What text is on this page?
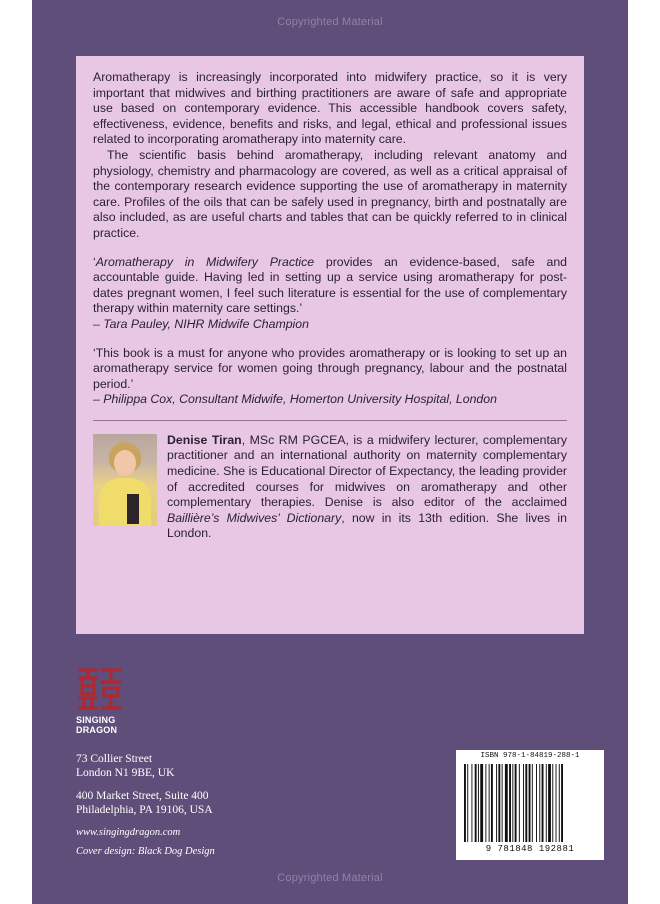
Copyrighted Material

Aromatherapy is increasingly incorporated into midwifery practice, so it is very important that midwives and birthing practitioners are aware of safe and appropriate use based on contemporary evidence. This accessible handbook covers safety, effectiveness, evidence, benefits and risks, and legal, ethical and professional issues related to incorporating aromatherapy into maternity care.

The scientific basis behind aromatherapy, including relevant anatomy and physiology, chemistry and pharmacology are covered, as well as a critical appraisal of the contemporary research evidence supporting the use of aromatherapy in maternity care. Profiles of the oils that can be safely used in pregnancy, birth and postnatally are also included, as are useful charts and tables that can be quickly referred to in clinical practice.

‘Aromatherapy in Midwifery Practice provides an evidence-based, safe and accountable guide. Having led in setting up a service using aromatherapy for post-dates pregnant women, I feel such literature is essential for the use of complementary therapy within maternity care settings.’

– Tara Pauley, NIHR Midwife Champion

‘This book is a must for anyone who provides aromatherapy or is looking to set up an aromatherapy service for women going through pregnancy, labour and the postnatal period.’

– Philippa Cox, Consultant Midwife, Homerton University Hospital, London

Denise Tiran, MSc RM PGCEA, is a midwifery lecturer, complementary practitioner and an international authority on maternity complementary medicine. She is Educational Director of Expectancy, the leading provider of accredited courses for midwives on aromatherapy and other complementary therapies. Denise is also editor of the acclaimed Baillière’s Midwives’ Dictionary, now in its 13th edition. She lives in London.

SINGING
DRAGON
73 Collier Street
London N1 9BE, UK
400 Market Street, Suite 400
Philadelphia, PA 19106, USA
www.singingdragon.com
Cover design: Black Dog Design
ISBN 978-1-84819-288-1
9 781848 192881
Copyrighted Material
